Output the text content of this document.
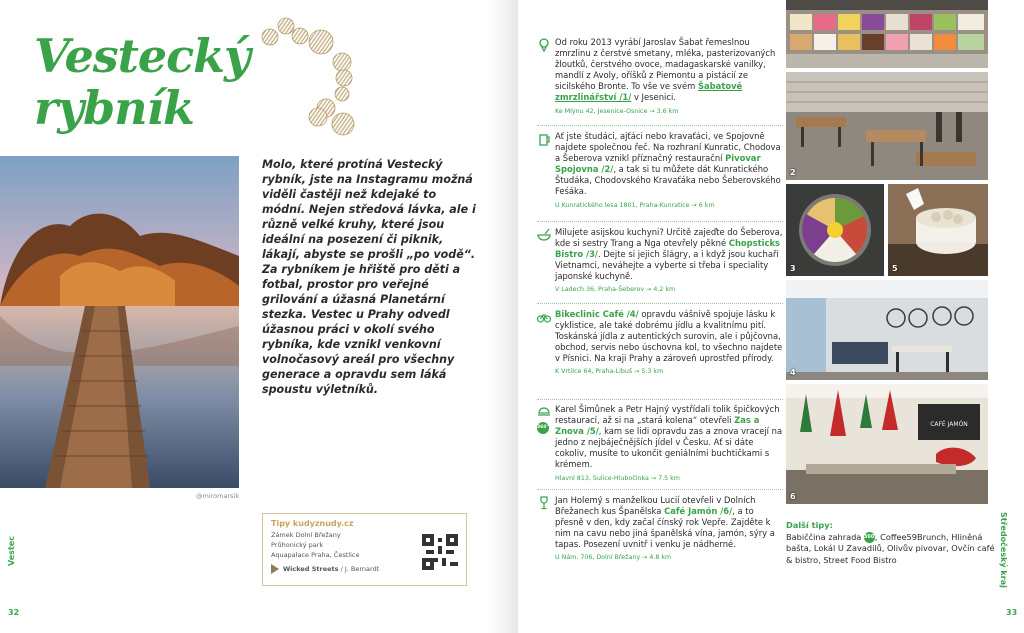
Vestecký
rybník
@miromarsik
Molo, které protíná Vestecký rybník, jste na Instagramu možná viděli častěji než kdejaké to módní. Nejen středová lávka, ale i různě velké kruhy, které jsou ideální na posezení či piknik, lákají, abyste se prošli „po vodě“. Za rybníkem je hřiště pro děti a fotbal, prostor pro veřejné grilování a úžasná Planetární stezka. Vestec u Prahy odvedl úžasnou práci v okolí svého rybníka, kde vznikl venkovní volnočasový areál pro všechny generace a opravdu sem láká spoustu výletníků.
Tipy kudyznudy.cz
Zámek Dolní Břežany
Průhonický park
Aquapalace Praha, Čestlice
Wicked Streets / J. Bernardt
Vestec
32
Od roku 2013 vyrábí Jaroslav Šabat řemeslnou zmrzlinu z čerstvé smetany, mléka, pasterizovaných žloutků, čerstvého ovoce, madagaskarské vanilky, mandlí z Avoly, oříšků z Piemontu a pistácií ze sicilského Bronte. To vše ve svém Šabatově zmrzlinářství /1/ v Jesenici.
Ke Mlýnu 42, Jesenice-Osnice → 3.6 km
Ať jste študáci, ajťáci nebo kravaťáci, ve Spojovně najdete společnou řeč. Na rozhraní Kunratic, Chodova a Šeberova vznikl příznačný restaurační Pivovar Spojovna /2/, a tak si tu můžete dát Kunratického Študáka, Chodovského Kravaťáka nebo Šeberovského Feśáka.
U Kunratického lesa 1801, Praha-Kunratice → 6 km
Milujete asijskou kuchyni? Určitě zajeďte do Šeberova, kde si sestry Trang a Nga otevřely pěkné Chopsticks Bistro /3/. Dejte si jejich šlágry, a i když jsou kuchaři Vietnamci, neváhejte a vyberte si třeba i speciality japonské kuchyně.
V Ladech 36, Praha-Šeberov → 4.2 km
Bikeclinic Café /4/ opravdu vášnivě spojuje lásku k cyklistice, ale také dobrému jídlu a kvalitnímu pití. Toskánská jídla z autentických surovin, ale i půjčovna, obchod, servis nebo úschovna kol, to všechno najdete v Písnici. Na kraji Prahy a zároveň uprostřed přírody.
K Vrtilce 64, Praha-Libuš → 5.3 km
360°
Karel Šimůnek a Petr Hajný vystřídali tolik špičkových restaurací, až si na „stará kolena“ otevřeli Zas a Znova /5/, kam se lidi opravdu zas a znova vracejí na jedno z nejbáječnějších jídel v Česku. Ať si dáte cokoliv, musíte to ukončit geniálními buchtičkami s krémem.
Hlavní 813, Sulice-Hlubočinka → 7.5 km
Jan Holemý s manželkou Lucií otevřeli v Dolních Břežanech kus Španělska Café Jamón /6/, a to přesně v den, kdy začal čínský rok Vepře. Zajděte k nim na cavu nebo jiná španělská vína, jamón, sýry a tapas. Posezení uvnitř i venku je nádherné.
U Nám. 706, Dolní Břežany → 4.8 km
2
3	5
4
CAFÉ JAMÓN
6
Další tipy:
Babiččina zahrada 360°, Coffee59Brunch, Hliněná bašta, Lokál U Zavadilů, Olivův pivovar, Ovčín café & bistro, Street Food Bistro	Středočeský kraj
33
